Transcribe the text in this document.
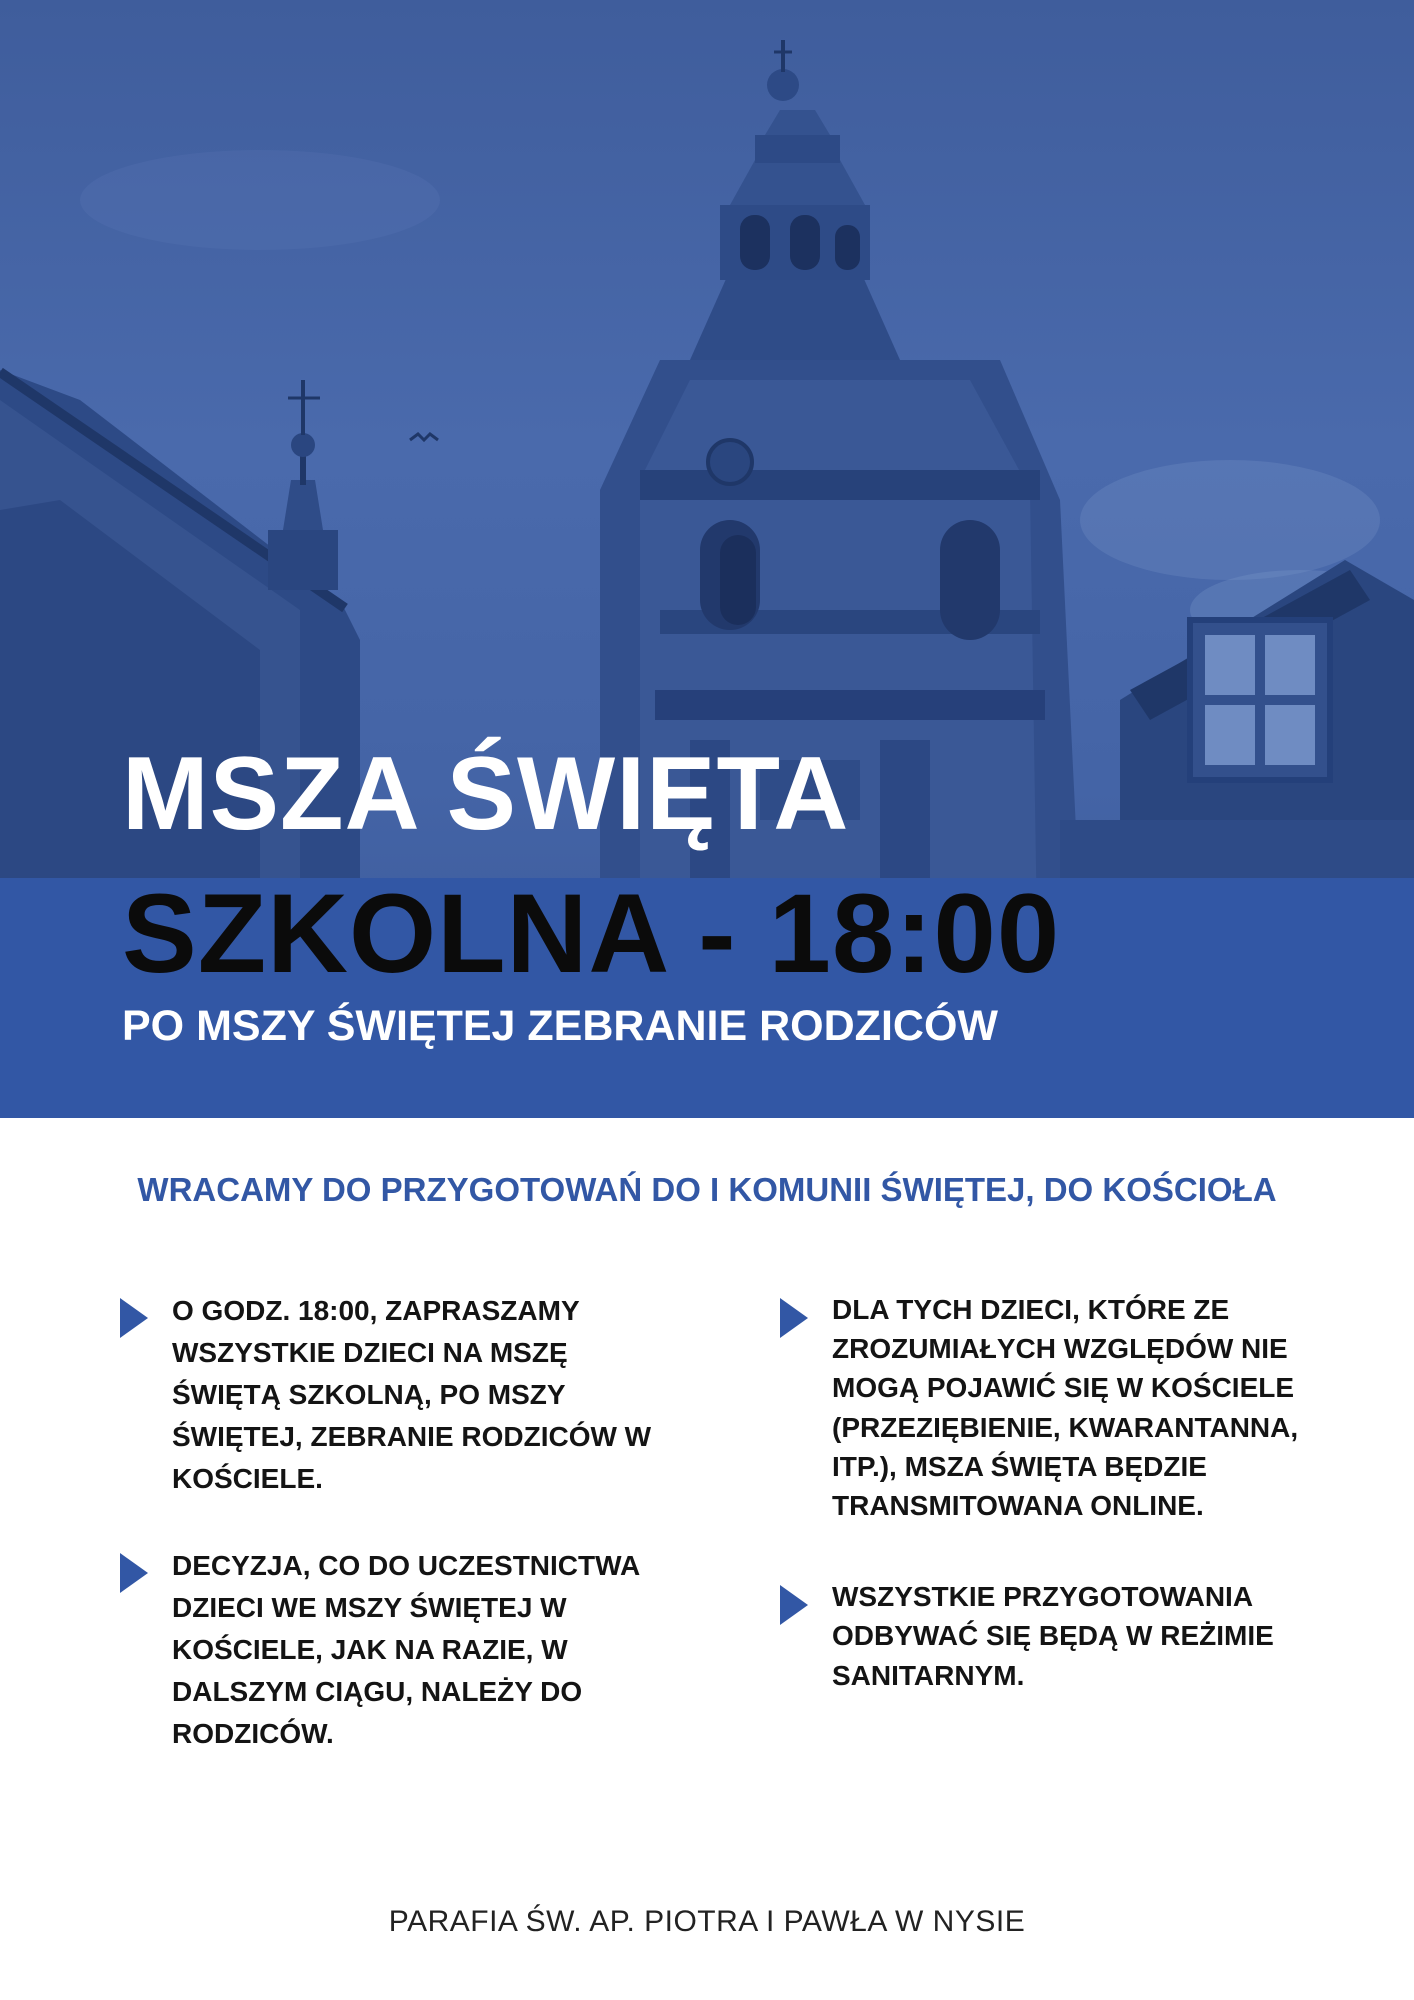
MSZA ŚWIĘTA
SZKOLNA - 18:00
PO MSZY ŚWIĘTEJ ZEBRANIE RODZICÓW
WRACAMY DO PRZYGOTOWAŃ DO I KOMUNII ŚWIĘTEJ, DO KOŚCIOŁA

O GODZ. 18:00, ZAPRASZAMY WSZYSTKIE DZIECI NA MSZĘ ŚWIĘTĄ SZKOLNĄ, PO MSZY ŚWIĘTEJ, ZEBRANIE RODZICÓW W KOŚCIELE.

DECYZJA, CO DO UCZESTNICTWA DZIECI WE MSZY ŚWIĘTEJ W KOŚCIELE, JAK NA RAZIE, W DALSZYM CIĄGU, NALEŻY DO RODZICÓW.

DLA TYCH DZIECI, KTÓRE ZE ZROZUMIAŁYCH WZGLĘDÓW NIE MOGĄ POJAWIĆ SIĘ W KOŚCIELE (PRZEZIĘBIENIE, KWARANTANNA, ITP.), MSZA ŚWIĘTA BĘDZIE TRANSMITOWANA ONLINE.

WSZYSTKIE PRZYGOTOWANIA ODBYWAĆ SIĘ BĘDĄ W REŻIMIE SANITARNYM.

PARAFIA ŚW. AP. PIOTRA I PAWŁA W NYSIE
